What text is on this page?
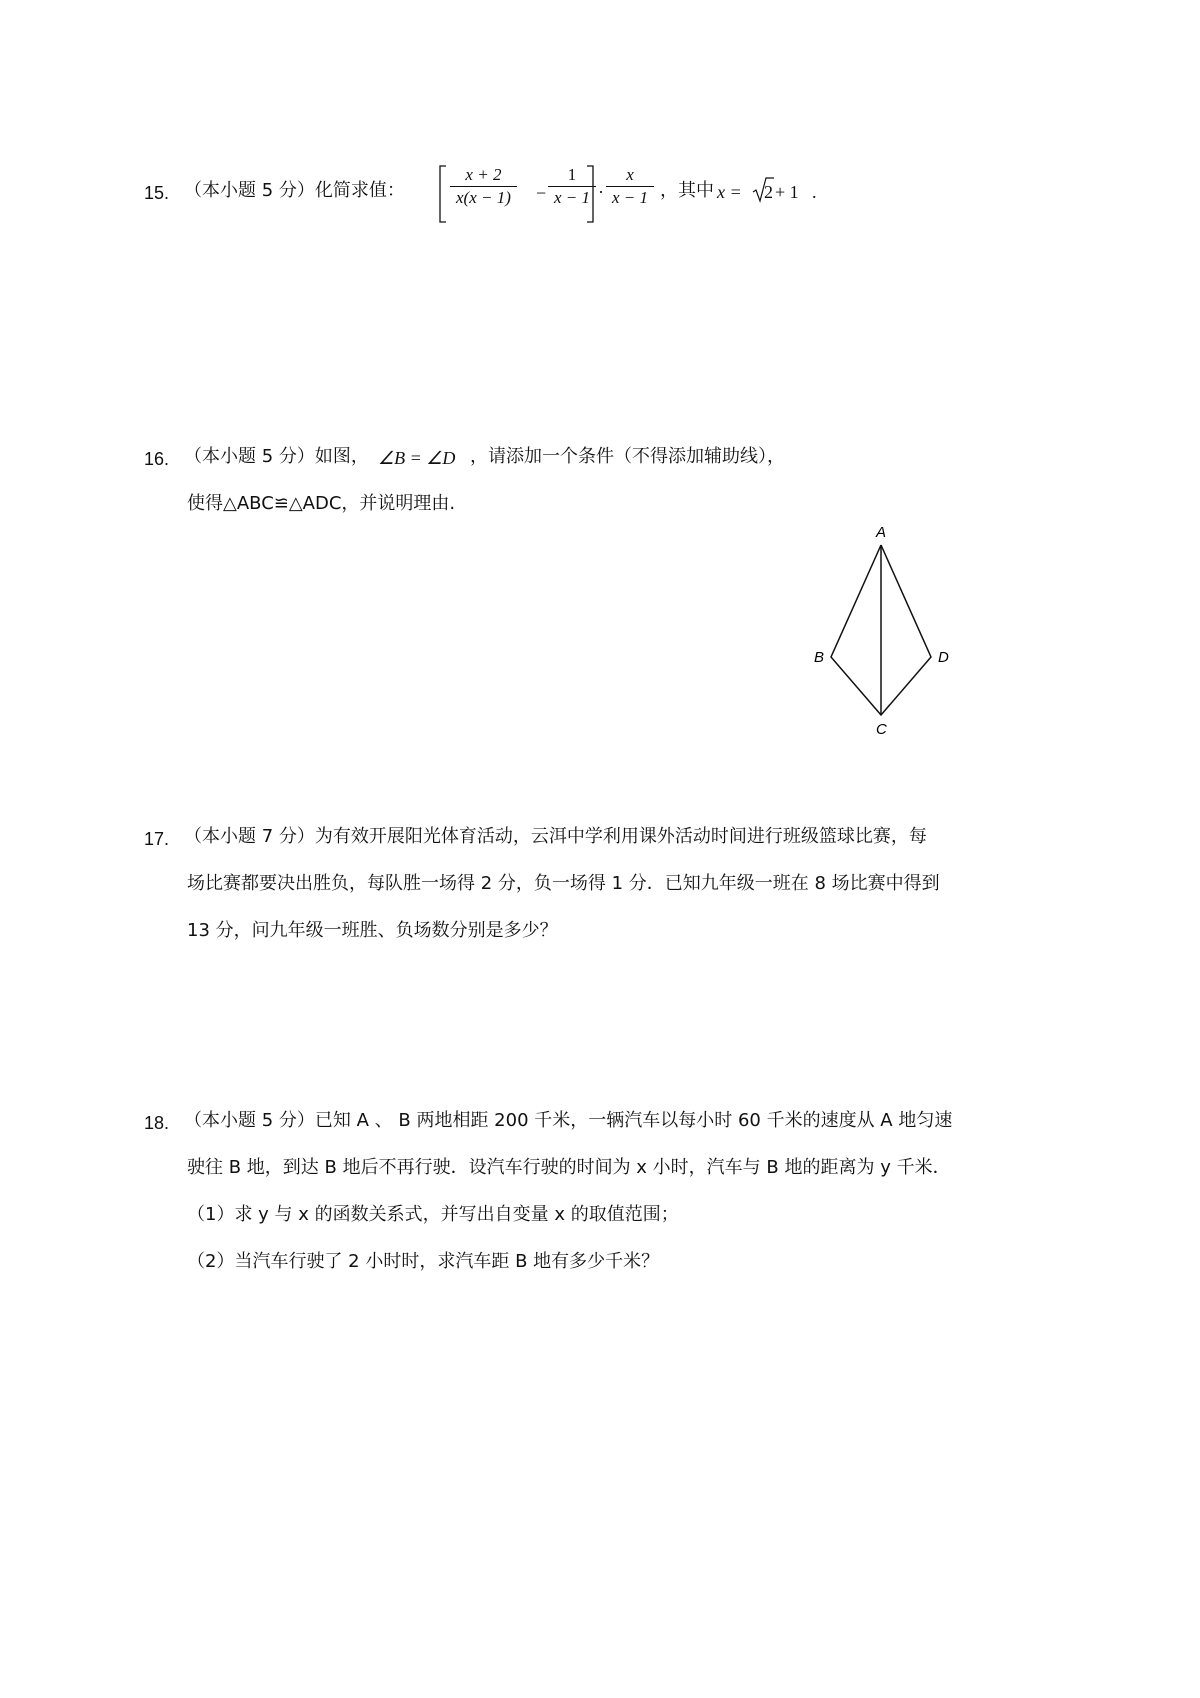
15. （本小题 5 分）化简求值：	$\frac{x + 2}{x(x - 1)} - \frac{1}{x - 1} \cdot \frac{x}{x - 1}$ ，其中 x = 2 + 1 .
16. （本小题 5 分）如图， ∠B = ∠D ，请添加一个条件（不得添加辅助线），
使得△ABC≌△ADC，并说明理由.
A
B
C
D
17. （本小题 7 分）为有效开展阳光体育活动，云洱中学利用课外活动时间进行班级篮球比赛，每
场比赛都要决出胜负，每队胜一场得 2 分，负一场得 1 分．已知九年级一班在 8 场比赛中得到
13 分，问九年级一班胜、负场数分别是多少？
18. （本小题 5 分）已知 A 、 B 两地相距 200 千米，一辆汽车以每小时 60 千米的速度从 A 地匀速
驶往 B 地，到达 B 地后不再行驶．设汽车行驶的时间为 x 小时，汽车与 B 地的距离为 y 千米．
（1）求 y 与 x 的函数关系式，并写出自变量 x 的取值范围；
（2）当汽车行驶了 2 小时时，求汽车距 B 地有多少千米？
